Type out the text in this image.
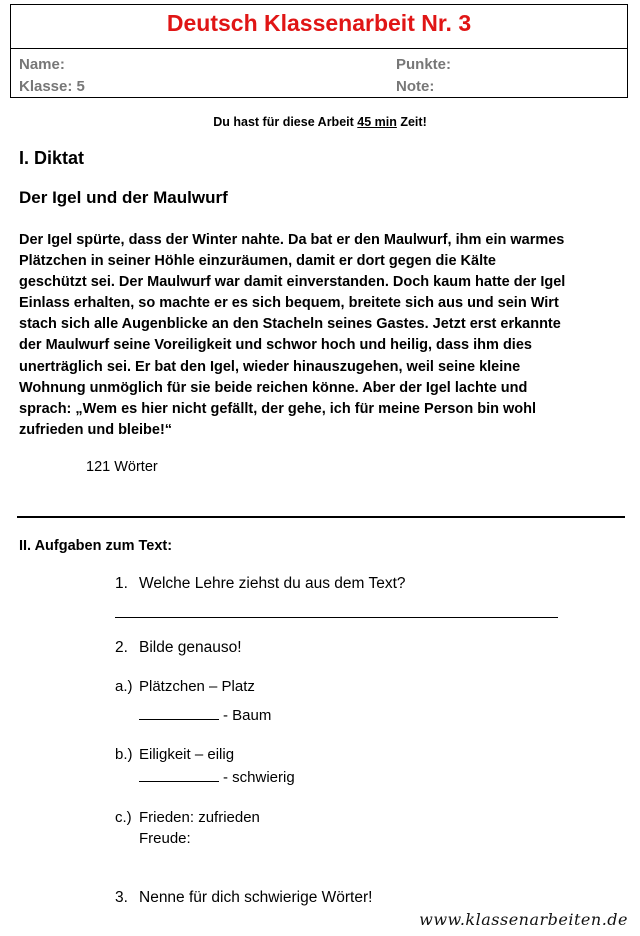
Deutsch Klassenarbeit Nr. 3
Name:
Klasse: 5
Punkte:
Note:
Du hast für diese Arbeit 45 min Zeit!
I. Diktat
Der Igel und der Maulwurf
Der Igel spürte, dass der Winter nahte. Da bat er den Maulwurf, ihm ein warmes
Plätzchen in seiner Höhle einzuräumen, damit er dort gegen die Kälte
geschützt sei. Der Maulwurf war damit einverstanden. Doch kaum hatte der Igel
Einlass erhalten, so machte er es sich bequem, breitete sich aus und sein Wirt
stach sich alle Augenblicke an den Stacheln seines Gastes. Jetzt erst erkannte
der Maulwurf seine Voreiligkeit und schwor hoch und heilig, dass ihm dies
unerträglich sei. Er bat den Igel, wieder hinauszugehen, weil seine kleine
Wohnung unmöglich für sie beide reichen könne. Aber der Igel lachte und
sprach: „Wem es hier nicht gefällt, der gehe, ich für meine Person bin wohl
zufrieden und bleibe!“
121 Wörter
II. Aufgaben zum Text:
1. Welche Lehre ziehst du aus dem Text?
2. Bilde genauso!
a.) Plätzchen – Platz
- Baum
b.) Eiligkeit – eilig
- schwierig
c.) Frieden: zufrieden
Freude:
3. Nenne für dich schwierige Wörter!
www.klassenarbeiten.de
